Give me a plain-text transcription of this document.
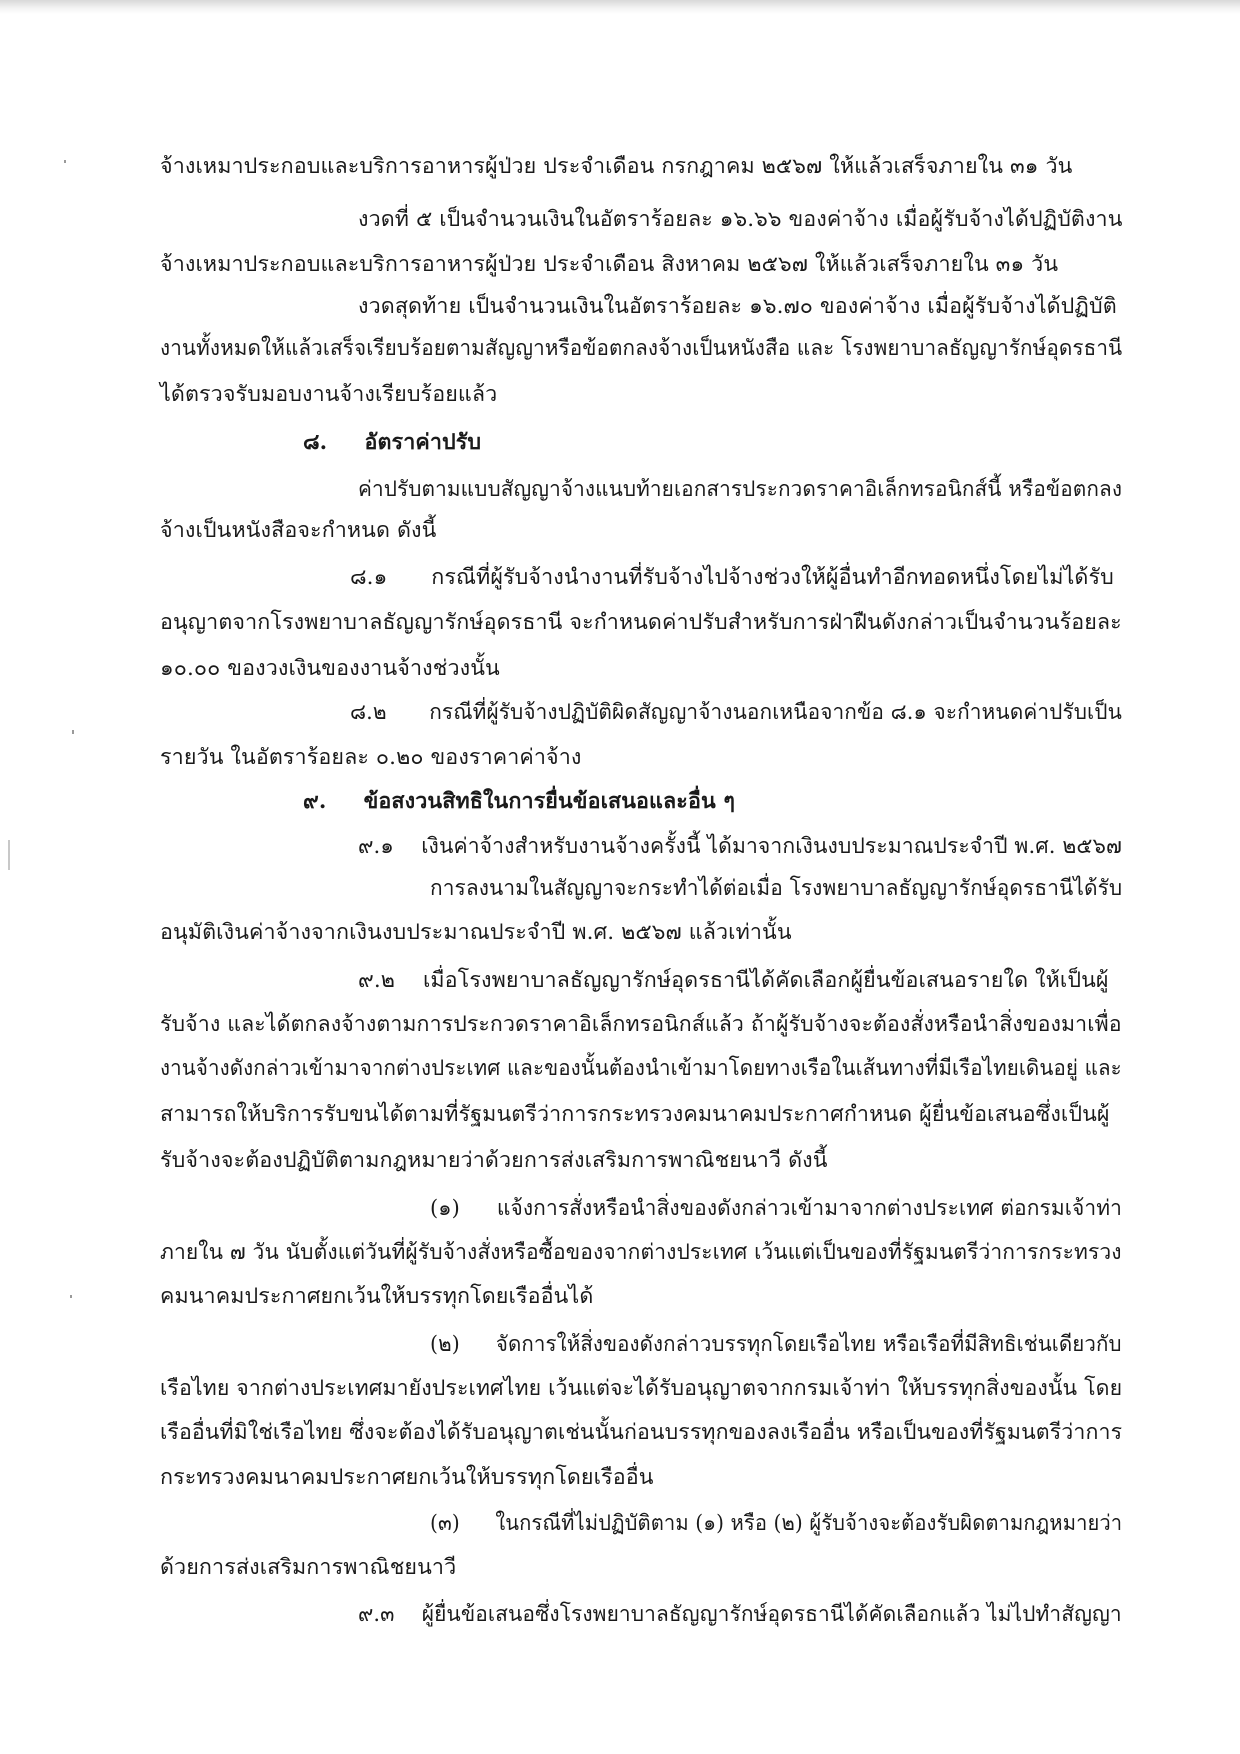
จ้างเหมาประกอบและบริการอาหารผู้ป่วย ประจำเดือน กรกฎาคม ๒๕๖๗ ให้แล้วเสร็จภายใน ๓๑ วัน
งวดที่ ๕ เป็นจำนวนเงินในอัตราร้อยละ ๑๖.๖๖ ของค่าจ้าง เมื่อผู้รับจ้างได้ปฏิบัติงาน
จ้างเหมาประกอบและบริการอาหารผู้ป่วย ประจำเดือน สิงหาคม ๒๕๖๗ ให้แล้วเสร็จภายใน ๓๑ วัน
งวดสุดท้าย เป็นจำนวนเงินในอัตราร้อยละ ๑๖.๗๐ ของค่าจ้าง เมื่อผู้รับจ้างได้ปฏิบัติ
งานทั้งหมดให้แล้วเสร็จเรียบร้อยตามสัญญาหรือข้อตกลงจ้างเป็นหนังสือ และ โรงพยาบาลธัญญารักษ์อุดรธานี
ได้ตรวจรับมอบงานจ้างเรียบร้อยแล้ว
๘. อัตราค่าปรับ
ค่าปรับตามแบบสัญญาจ้างแนบท้ายเอกสารประกวดราคาอิเล็กทรอนิกส์นี้ หรือข้อตกลง
จ้างเป็นหนังสือจะกำหนด ดังนี้
๘.๑ กรณีที่ผู้รับจ้างนำงานที่รับจ้างไปจ้างช่วงให้ผู้อื่นทำอีกทอดหนึ่งโดยไม่ได้รับ
อนุญาตจากโรงพยาบาลธัญญารักษ์อุดรธานี จะกำหนดค่าปรับสำหรับการฝ่าฝืนดังกล่าวเป็นจำนวนร้อยละ
๑๐.๐๐ ของวงเงินของงานจ้างช่วงนั้น
๘.๒ กรณีที่ผู้รับจ้างปฏิบัติผิดสัญญาจ้างนอกเหนือจากข้อ ๘.๑ จะกำหนดค่าปรับเป็น
รายวัน ในอัตราร้อยละ ๐.๒๐ ของราคาค่าจ้าง
๙. ข้อสงวนสิทธิในการยื่นข้อเสนอและอื่น ๆ
๙.๑ เงินค่าจ้างสำหรับงานจ้างครั้งนี้ ได้มาจากเงินงบประมาณประจำปี พ.ศ. ๒๕๖๗
การลงนามในสัญญาจะกระทำได้ต่อเมื่อ โรงพยาบาลธัญญารักษ์อุดรธานีได้รับ
อนุมัติเงินค่าจ้างจากเงินงบประมาณประจำปี พ.ศ. ๒๕๖๗ แล้วเท่านั้น
๙.๒ เมื่อโรงพยาบาลธัญญารักษ์อุดรธานีได้คัดเลือกผู้ยื่นข้อเสนอรายใด ให้เป็นผู้
รับจ้าง และได้ตกลงจ้างตามการประกวดราคาอิเล็กทรอนิกส์แล้ว ถ้าผู้รับจ้างจะต้องสั่งหรือนำสิ่งของมาเพื่อ
งานจ้างดังกล่าวเข้ามาจากต่างประเทศ และของนั้นต้องนำเข้ามาโดยทางเรือในเส้นทางที่มีเรือไทยเดินอยู่ และ
สามารถให้บริการรับขนได้ตามที่รัฐมนตรีว่าการกระทรวงคมนาคมประกาศกำหนด ผู้ยื่นข้อเสนอซึ่งเป็นผู้
รับจ้างจะต้องปฏิบัติตามกฎหมายว่าด้วยการส่งเสริมการพาณิชยนาวี ดังนี้
(๑) แจ้งการสั่งหรือนำสิ่งของดังกล่าวเข้ามาจากต่างประเทศ ต่อกรมเจ้าท่า
ภายใน ๗ วัน นับตั้งแต่วันที่ผู้รับจ้างสั่งหรือซื้อของจากต่างประเทศ เว้นแต่เป็นของที่รัฐมนตรีว่าการกระทรวง
คมนาคมประกาศยกเว้นให้บรรทุกโดยเรืออื่นได้
(๒) จัดการให้สิ่งของดังกล่าวบรรทุกโดยเรือไทย หรือเรือที่มีสิทธิเช่นเดียวกับ
เรือไทย จากต่างประเทศมายังประเทศไทย เว้นแต่จะได้รับอนุญาตจากกรมเจ้าท่า ให้บรรทุกสิ่งของนั้น โดย
เรืออื่นที่มิใช่เรือไทย ซึ่งจะต้องได้รับอนุญาตเช่นนั้นก่อนบรรทุกของลงเรืออื่น หรือเป็นของที่รัฐมนตรีว่าการ
กระทรวงคมนาคมประกาศยกเว้นให้บรรทุกโดยเรืออื่น
(๓) ในกรณีที่ไม่ปฏิบัติตาม (๑) หรือ (๒) ผู้รับจ้างจะต้องรับผิดตามกฎหมายว่า
ด้วยการส่งเสริมการพาณิชยนาวี
๙.๓ ผู้ยื่นข้อเสนอซึ่งโรงพยาบาลธัญญารักษ์อุดรธานีได้คัดเลือกแล้ว ไม่ไปทำสัญญา
